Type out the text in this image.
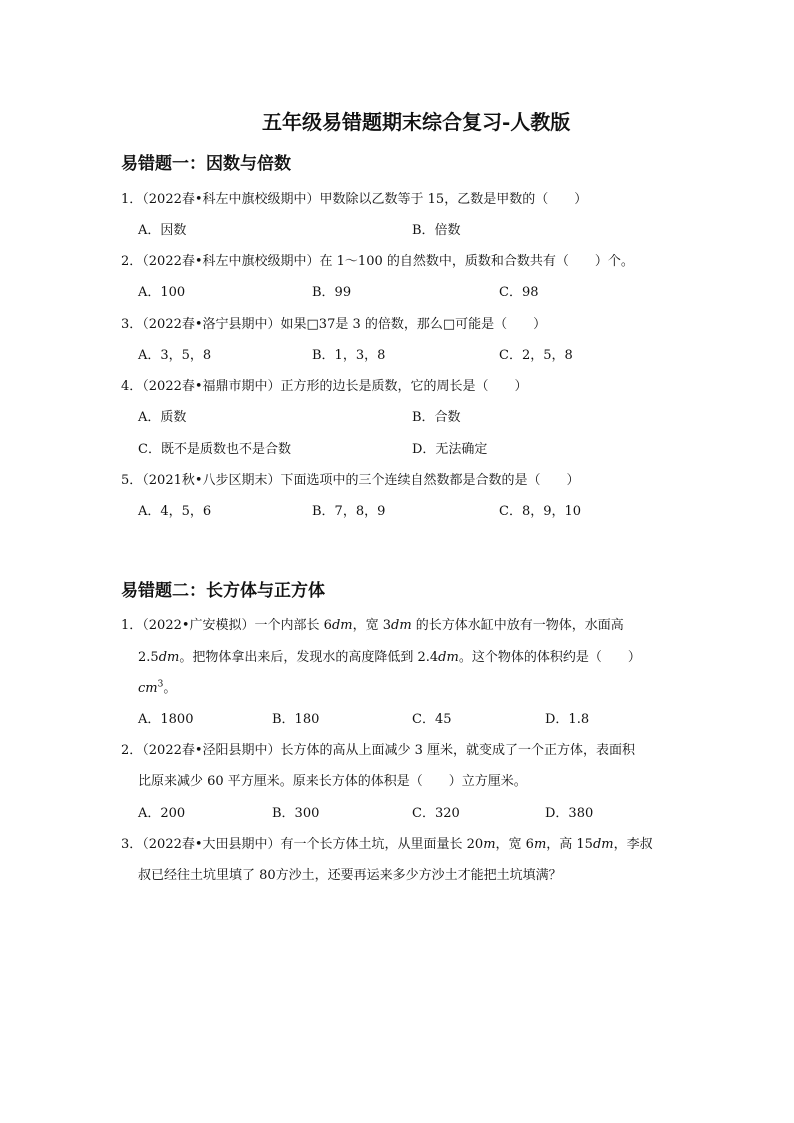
五年级易错题期末综合复习-人教版
易错题一：因数与倍数
1．（2022春•科左中旗校级期中）甲数除以乙数等于 15，乙数是甲数的（　　）
A．因数	B．倍数
2．（2022春•科左中旗校级期中）在 1～100 的自然数中，质数和合数共有（　　）个。
A．100	B．99	C．98
3．（2022春•洛宁县期中）如果□37是 3 的倍数，那么□可能是（　　）
A．3，5，8	B．1，3，8	C．2，5，8
4．（2022春•福鼎市期中）正方形的边长是质数，它的周长是（　　）
A．质数	B．合数
C．既不是质数也不是合数	D．无法确定
5．（2021秋•八步区期末）下面选项中的三个连续自然数都是合数的是（　　）
A．4，5，6	B．7，8，9	C．8，9，10
易错题二：长方体与正方体
1．（2022•广安模拟）一个内部长 6dm，宽 3dm 的长方体水缸中放有一物体，水面高
2.5dm。把物体拿出来后，发现水的高度降低到 2.4dm。这个物体的体积约是（　　）
$cm^3$。
A．1800	B．180	C．45	D．1.8
2．（2022春•泾阳县期中）长方体的高从上面减少 3 厘米，就变成了一个正方体，表面积
比原来减少 60 平方厘米。原来长方体的体积是（　　）立方厘米。
A．200	B．300	C．320	D．380
3．（2022春•大田县期中）有一个长方体土坑，从里面量长 20m，宽 6m，高 15dm，李叔
叔已经往土坑里填了 80方沙土，还要再运来多少方沙土才能把土坑填满？
